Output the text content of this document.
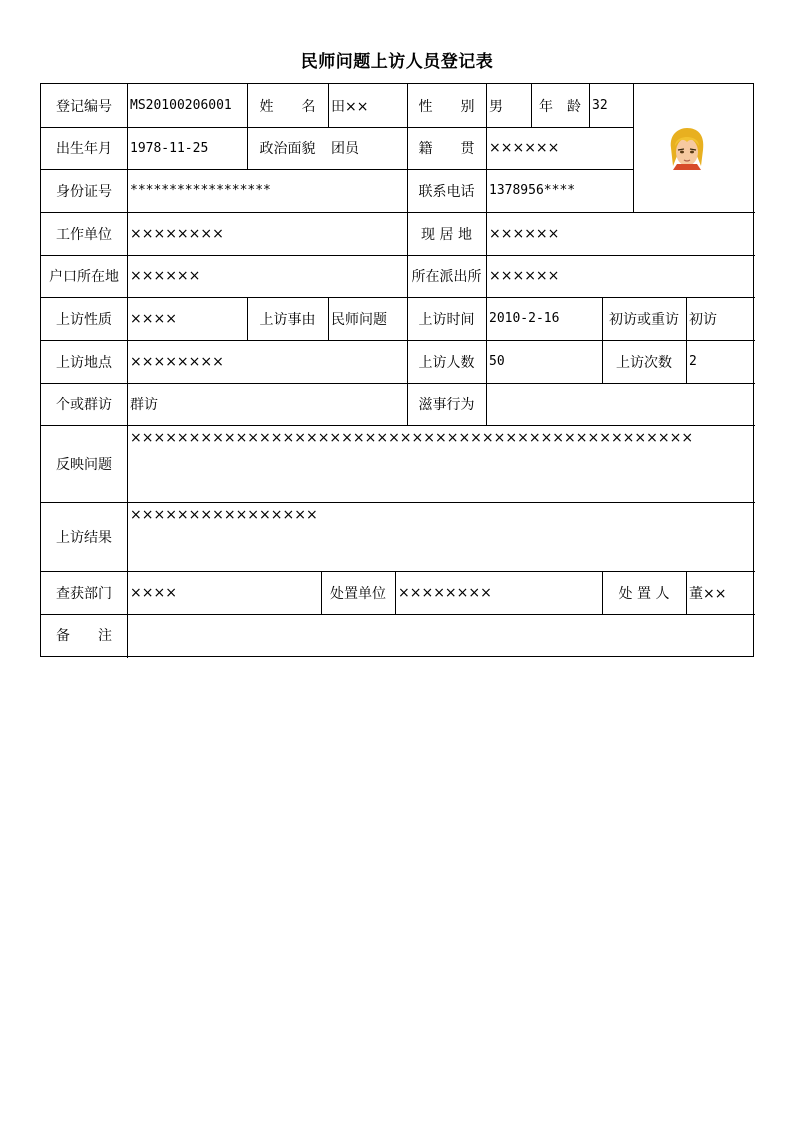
民师问题上访人员登记表
登记编号	MS20100206001	姓　　名	田××	性　　别	男	年　龄 32
出生年月	1978-11-25	政治面貌	团员	籍　　贯	××××××
身份证号	******************	联系电话	1378956****
工作单位	××××××××	现 居 地	××××××
户口所在地 ××××××	所在派出所 ××××××
上访性质	××××	上访事由	民师问题	上访时间	2010-2-16	初访或重访 初访
上访地点	××××××××	上访人数	50	上访次数	2
个或群访	群访	滋事行为
反映问题
××××××××××××××××××××××××××××××××××××××××××××××××
上访结果
××××××××××××××××
查获部门	××××	处置单位 ××××××××	处 置 人	董××
备　　注
